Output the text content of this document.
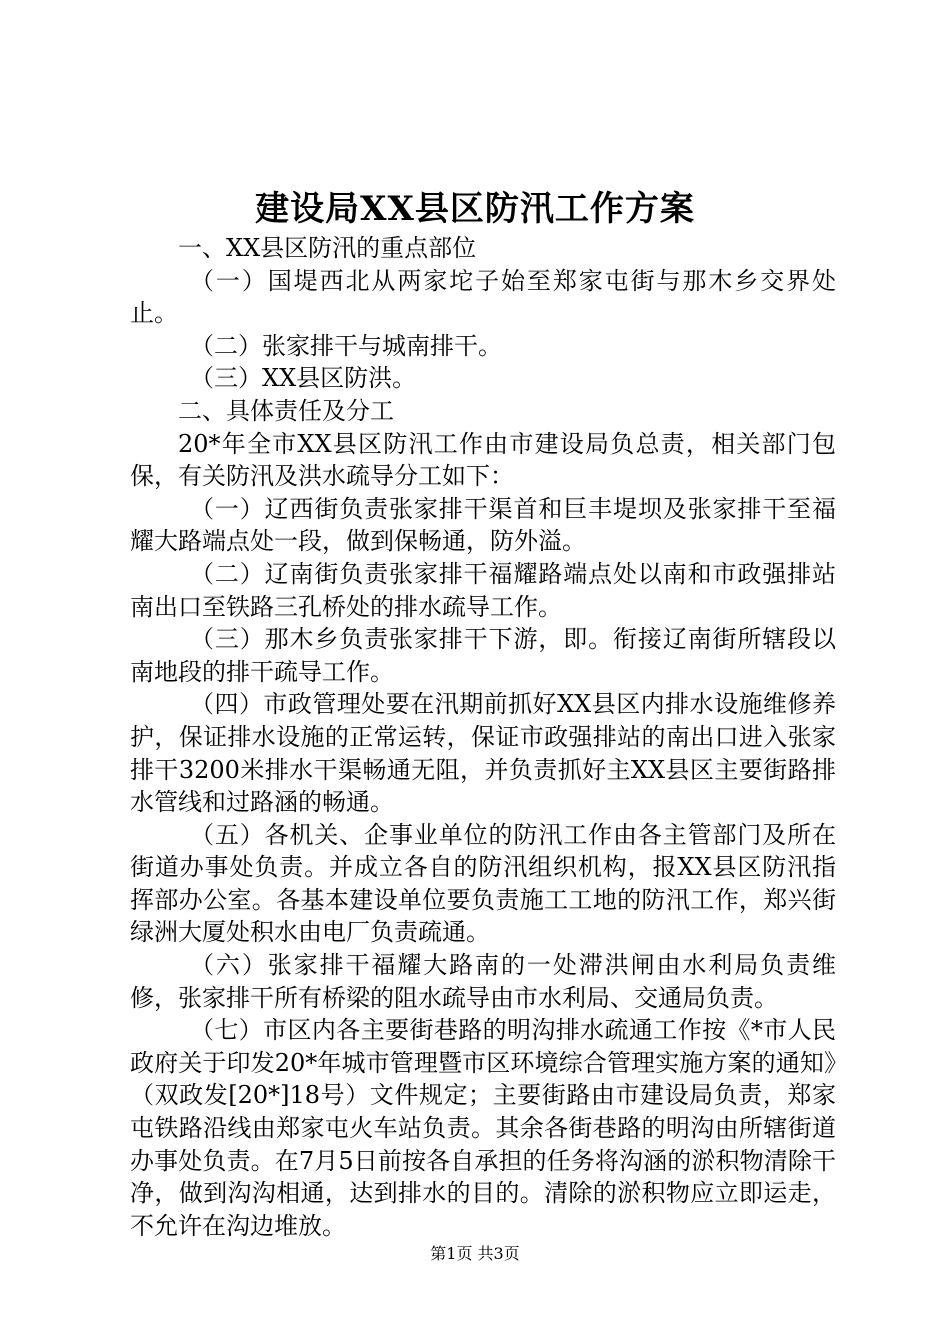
建设局XX县区防汛工作方案

一、XX县区防汛的重点部位

（一）国堤西北从两家坨子始至郑家屯街与那木乡交界处止。

（二）张家排干与城南排干。

（三）XX县区防洪。

二、具体责任及分工

20*年全市XX县区防汛工作由市建设局负总责，相关部门包保，有关防汛及洪水疏导分工如下：

（一）辽西街负责张家排干渠首和巨丰堤坝及张家排干至福耀大路端点处一段，做到保畅通，防外溢。

（二）辽南街负责张家排干福耀路端点处以南和市政强排站南出口至铁路三孔桥处的排水疏导工作。

（三）那木乡负责张家排干下游，即。衔接辽南街所辖段以南地段的排干疏导工作。

（四）市政管理处要在汛期前抓好XX县区内排水设施维修养护，保证排水设施的正常运转，保证市政强排站的南出口进入张家排干3200米排水干渠畅通无阻，并负责抓好主XX县区主要街路排水管线和过路涵的畅通。

（五）各机关、企事业单位的防汛工作由各主管部门及所在街道办事处负责。并成立各自的防汛组织机构，报XX县区防汛指挥部办公室。各基本建设单位要负责施工工地的防汛工作，郑兴街绿洲大厦处积水由电厂负责疏通。

（六）张家排干福耀大路南的一处滞洪闸由水利局负责维修，张家排干所有桥梁的阻水疏导由市水利局、交通局负责。

（七）市区内各主要街巷路的明沟排水疏通工作按《*市人民政府关于印发20*年城市管理暨市区环境综合管理实施方案的通知》（双政发[20*]18号）文件规定；主要街路由市建设局负责，郑家屯铁路沿线由郑家屯火车站负责。其余各街巷路的明沟由所辖街道办事处负责。在7月5日前按各自承担的任务将沟涵的淤积物清除干净，做到沟沟相通，达到排水的目的。清除的淤积物应立即运走，不允许在沟边堆放。

第1页 共3页
